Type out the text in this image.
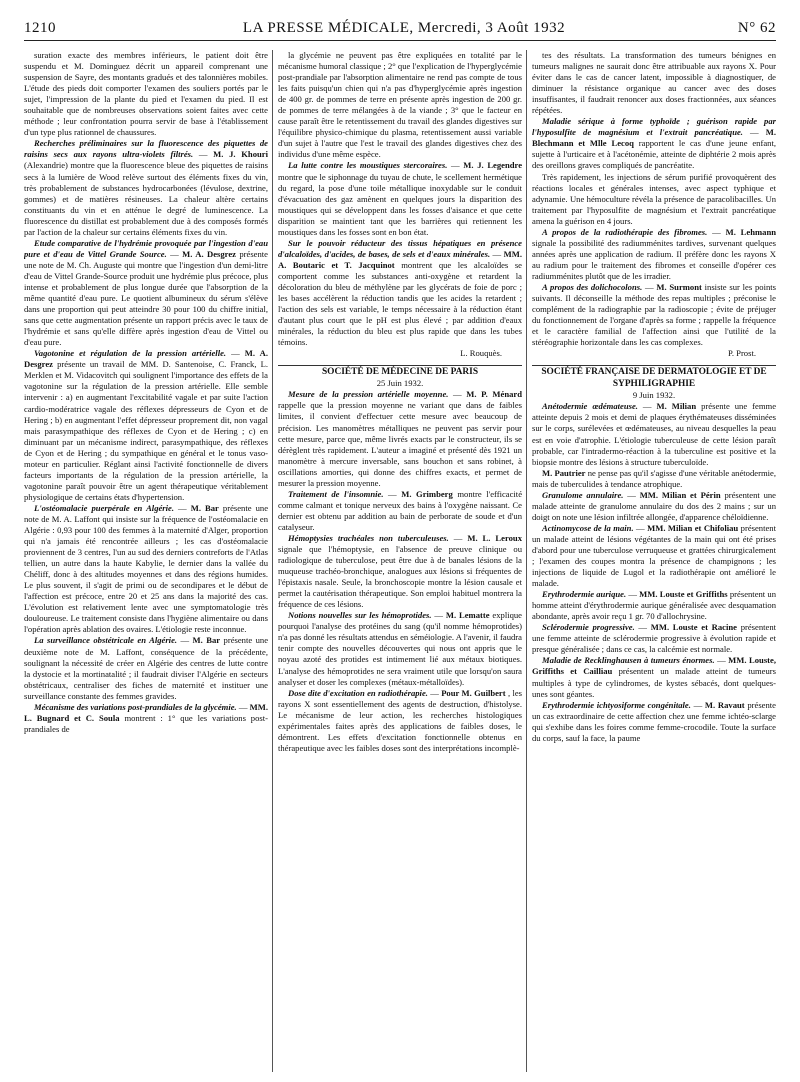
1210	LA PRESSE MÉDICALE, Mercredi, 3 Août 1932	N° 62

suration exacte des membres inférieurs, le patient doit être suspendu et M. Dominguez décrit un appareil comprenant une suspension de Sayre, des montants gradués et des talonnières mobiles. L'étude des pieds doit comporter l'examen des souliers portés par le sujet, l'impression de la plante du pied et l'examen du pied. Il est souhaitable que de nombreuses observations soient faites avec cette méthode ; leur confrontation pourra servir de base à l'établissement d'un type plus rationnel de chaussures.

Recherches préliminaires sur la fluorescence des piquettes de raisins secs aux rayons ultra-violets filtrés. — M. J. Khouri (Alexandrie) montre que la fluorescence bleue des piquettes de raisins secs à la lumière de Wood relève surtout des éléments fixes du vin, très probablement de substances hydrocarbonées (lévulose, dextrine, gommes) et de matières résineuses. La chaleur altère certains constituants du vin et en atténue le degré de luminescence. La fluorescence du distillat est probablement due à des composés formés par l'action de la chaleur sur certains éléments fixes du vin.

Etude comparative de l'hydrémie provoquée par l'ingestion d'eau pure et d'eau de Vittel Grande Source. — M. A. Desgrez présente une note de M. Ch. Auguste qui montre que l'ingestion d'un demi-litre d'eau de Vittel Grande-Source produit une hydrémie plus précoce, plus intense et probablement de plus longue durée que l'absorption de la même quantité d'eau pure. Le quotient albumineux du sérum s'élève dans une proportion qui peut atteindre 30 pour 100 du chiffre initial, sans que cette augmentation présente un rapport précis avec le taux de l'hydrémie et sans qu'elle diffère après ingestion d'eau de Vittel ou d'eau pure.

Vagotonine et régulation de la pression artérielle. — M. A. Desgrez présente un travail de MM. D. Santenoise, C. Franck, L. Merklen et M. Vidacovitch qui soulignent l'importance des effets de la vagotonine sur la régulation de la pression artérielle. Elle semble intervenir : a) en augmentant l'excitabilité vagale et par suite l'action cardio-modératrice vagale des réflexes dépresseurs de Cyon et de Hering ; b) en augmentant l'effet dépresseur proprement dit, non vagal mais parasympathique des réflexes de Cyon et de Hering ; c) en diminuant par un mécanisme indirect, parasympathique, des réflexes de Cyon et de Hering ; du sympathique en général et le tonus vaso-moteur en particulier. Réglant ainsi l'activité fonctionnelle de divers facteurs importants de la régulation de la pression artérielle, la vagotonine paraît pouvoir être un agent thérapeutique véritablement physiologique de certains états d'hypertension.

L'ostéomalacie puerpérale en Algérie. — M. Bar présente une note de M. A. Laffont qui insiste sur la fréquence de l'ostéomalacie en Algérie : 0,93 pour 100 des femmes à la maternité d'Alger, proportion qui n'a jamais été rencontrée ailleurs ; les cas d'ostéomalacie proviennent de 3 centres, l'un au sud des derniers contreforts de l'Atlas tellien, un autre dans la haute Kabylie, le dernier dans la vallée du Chéliff, donc à des altitudes moyennes et dans des régions humides. Le plus souvent, il s'agit de primi ou de secondipares et le début de l'affection est précoce, entre 20 et 25 ans dans la majorité des cas. L'évolution est relativement lente avec une symptomatologie très douloureuse. Le traitement consiste dans l'hygiène alimentaire ou dans l'opération après ablation des ovaires. L'étiologie reste inconnue.

La surveillance obstétricale en Algérie. — M. Bar présente une deuxième note de M. Laffont, conséquence de la précédente, soulignant la nécessité de créer en Algérie des centres de lutte contre la dystocie et la mortinatalité ; il faudrait diviser l'Algérie en secteurs obstétricaux, centraliser des fiches de maternité et instituer une surveillance constante des femmes gravides.

Mécanisme des variations post-prandiales de la glycémie. — MM. L. Bugnard et C. Soula montrent : 1° que les variations post-prandiales de

la glycémie ne peuvent pas être expliquées en totalité par le mécanisme humoral classique ; 2° que l'explication de l'hyperglycémie post-prandiale par l'absorption alimentaire ne rend pas compte de tous les faits puisqu'un chien qui n'a pas d'hyperglycémie après ingestion de 400 gr. de pommes de terre en présente après ingestion de 200 gr. de pommes de terre mélangées à de la viande ; 3° que le facteur en cause paraît être le retentissement du travail des glandes digestives sur l'équilibre physico-chimique du plasma, retentissement aussi variable d'un sujet à l'autre que l'est le travail des glandes digestives chez des individus d'une même espèce.

La lutte contre les moustiques stercoraires. — M. J. Legendre montre que le siphonnage du tuyau de chute, le scellement hermétique du regard, la pose d'une toile métallique inoxydable sur le conduit d'évacuation des gaz amènent en quelques jours la disparition des moustiques qui se développent dans les fosses d'aisance et que cette disparition se maintient tant que les barrières qui retiennent les moustiques dans les fosses sont en bon état.

Sur le pouvoir réducteur des tissus hépatiques en présence d'alcaloïdes, d'acides, de bases, de sels et d'eaux minérales. — MM. A. Boutaric et T. Jacquinot montrent que les alcaloïdes se comportent comme les substances anti-oxygène et retardent la décoloration du bleu de méthylène par les glycérats de foie de porc ; les bases accélèrent la réduction tandis que les acides la retardent ; l'action des sels est variable, le temps nécessaire à la réduction étant d'autant plus court que le pH est plus élevé ; par addition d'eaux minérales, la réduction du bleu est plus rapide que dans les tubes témoins.

L. Rouquès.

SOCIÉTÉ DE MÉDECINE DE PARIS

25 Juin 1932.

Mesure de la pression artérielle moyenne. — M. P. Ménard rappelle que la pression moyenne ne variant que dans de faibles limites, il convient d'effectuer cette mesure avec beaucoup de précision. Les manomètres métalliques ne peuvent pas servir pour cette mesure, parce que, même livrés exacts par le constructeur, ils se dérèglent très rapidement. L'auteur a imaginé et présenté dès 1921 un manomètre à mercure inversable, sans bouchon et sans robinet, à oscillations amorties, qui donne des chiffres exacts, et permet de mesurer la pression moyenne.

Traitement de l'insomnie. — M. Grimberg montre l'efficacité comme calmant et tonique nerveux des bains à l'oxygène naissant. Ce dernier est obtenu par addition au bain de perborate de soude et d'un catalyseur.

Hémoptysies trachéales non tuberculeuses. — M. L. Leroux signale que l'hémoptysie, en l'absence de preuve clinique ou radiologique de tuberculose, peut être due à de banales lésions de la muqueuse trachéo-bronchique, analogues aux lésions si fréquentes de l'épistaxis nasale. Seule, la bronchoscopie montre la lésion causale et permet la cautérisation thérapeutique. Son emploi habituel montrera la fréquence de ces lésions.

Notions nouvelles sur les hémoprotides. — M. Lematte explique pourquoi l'analyse des protéines du sang (qu'il nomme hémoprotides) n'a pas donné les résultats attendus en séméiologie. A l'avenir, il faudra tenir compte des nouvelles découvertes qui nous ont appris que le noyau azoté des protides est intimement lié aux métaux biotiques. L'analyse des hémoprotides ne sera vraiment utile que lorsqu'on saura analyser et doser les complexes (métaux-métalloïdes).

Dose dite d'excitation en radiothérapie. — Pour M. Guilbert , les rayons X sont essentiellement des agents de destruction, d'histolyse. Le mécanisme de leur action, les recherches histologiques expérimentales faites après des applications de faibles doses, le démontrent. Les effets d'excitation fonctionnelle obtenus en thérapeutique avec les faibles doses sont des interprétations incomplè-

tes des résultats. La transformation des tumeurs bénignes en tumeurs malignes ne saurait donc être attribuable aux rayons X. Pour éviter dans le cas de cancer latent, impossible à diagnostiquer, de diminuer la résistance organique au cancer avec des doses insuffisantes, il faudrait renoncer aux doses fractionnées, aux séances répétées.

Maladie sérique à forme typhoïde ; guérison rapide par l'hyposulfite de magnésium et l'extrait pancréatique. — M. Blechmann et Mlle Lecoq rapportent le cas d'une jeune enfant, sujette à l'urticaire et à l'acétonémie, atteinte de diphtérie 2 mois après des oreillons graves compliqués de pancréatite.

Très rapidement, les injections de sérum purifié provoquèrent des réactions locales et générales intenses, avec aspect typhique et adynamie. Une hémoculture révéla la présence de paracolibacilles. Un traitement par l'hyposulfite de magnésium et l'extrait pancréatique amena la guérison en 4 jours.

A propos de la radiothérapie des fibromes. — M. Lehmann signale la possibilité des radiumménites tardives, survenant quelques années après une application de radium. Il préfère donc les rayons X au radium pour le traitement des fibromes et conseille d'opérer ces radiumménites plutôt que de les irradier.

A propos des dolichocolons. — M. Surmont insiste sur les points suivants. Il déconseille la méthode des repas multiples ; préconise le complément de la radiographie par la radioscopie ; évite de préjuger du fonctionnement de l'organe d'après sa forme ; rappelle la fréquence et le caractère familial de l'affection ainsi que l'utilité de la stéréographie horizontale dans les cas complexes.

P. Prost.

SOCIÉTÉ FRANÇAISE DE DERMATOLOGIE ET DE SYPHILIGRAPHIE

9 Juin 1932.

Anétodermie œdémateuse. — M. Milian présente une femme atteinte depuis 2 mois et demi de plaques érythémateuses disséminées sur le corps, surélevées et œdémateuses, au niveau desquelles la peau est en voie d'atrophie. L'étiologie tuberculeuse de cette lésion paraît probable, car l'intradermo-réaction à la tuberculine est positive et la biopsie montre des lésions à structure tuberculoïde.

M. Pautrier ne pense pas qu'il s'agisse d'une véritable anétodermie, mais de tuberculides à tendance atrophique.

Granulome annulaire. — MM. Milian et Périn présentent une malade atteinte de granulome annulaire du dos des 2 mains ; sur un doigt on note une lésion infiltrée allongée, d'apparence chéloïdienne.

Actinomycose de la main. — MM. Milian et Chifoliau présentent un malade atteint de lésions végétantes de la main qui ont été prises d'abord pour une tuberculose verruqueuse et grattées chirurgicalement ; l'examen des coupes montra la présence de champignons ; les injections de liquide de Lugol et la radiothérapie ont amélioré le malade.

Erythrodermie aurique. — MM. Louste et Griffiths présentent un homme atteint d'érythrodermie aurique généralisée avec desquamation abondante, après avoir reçu 1 gr. 70 d'allochrysine.

Sclérodermie progressive. — MM. Louste et Racine présentent une femme atteinte de sclérodermie progressive à évolution rapide et presque généralisée ; dans ce cas, la calcémie est normale.

Maladie de Recklinghausen à tumeurs énormes. — MM. Louste, Griffiths et Cailliau présentent un malade atteint de tumeurs multiples à type de cylindromes, de kystes sébacés, dont quelques-unes sont géantes.

Erythrodermie ichtyosiforme congénitale. — M. Ravaut présente un cas extraordinaire de cette affection chez une femme ichtéo-sclarge qui s'exhibe dans les foires comme femme-crocodile. Toute la surface du corps, sauf la face, la paume
